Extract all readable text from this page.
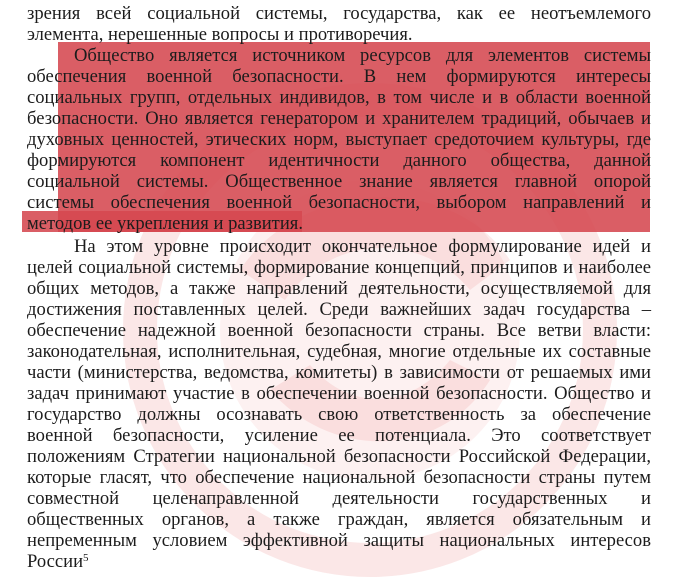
зрения всей социальной системы, государства, как ее неотъемлемого
элемента, нерешенные вопросы и противоречия.
Общество является источником ресурсов для элементов системы
обеспечения военной безопасности. В нем формируются интересы
социальных групп, отдельных индивидов, в том числе и в области военной
безопасности. Оно является генератором и хранителем традиций, обычаев и
духовных ценностей, этических норм, выступает средоточием культуры, где
формируются компонент идентичности данного общества, данной
социальной системы. Общественное знание является главной опорой
системы обеспечения военной безопасности, выбором направлений и
методов ее укрепления и развития.
На этом уровне происходит окончательное формулирование идей и
целей социальной системы, формирование концепций, принципов и наиболее
общих методов, а также направлений деятельности, осуществляемой для
достижения поставленных целей. Среди важнейших задач государства –
обеспечение надежной военной безопасности страны. Все ветви власти:
законодательная, исполнительная, судебная, многие отдельные их составные
части (министерства, ведомства, комитеты) в зависимости от решаемых ими
задач принимают участие в обеспечении военной безопасности. Общество и
государство должны осознавать свою ответственность за обеспечение
военной безопасности, усиление ее потенциала. Это соответствует
положениям Стратегии национальной безопасности Российской Федерации,
которые гласят, что обеспечение национальной безопасности страны путем
совместной целенаправленной деятельности государственных и
общественных органов, а также граждан, является обязательным и
непременным условием эффективной защиты национальных интересов
России$^5$
